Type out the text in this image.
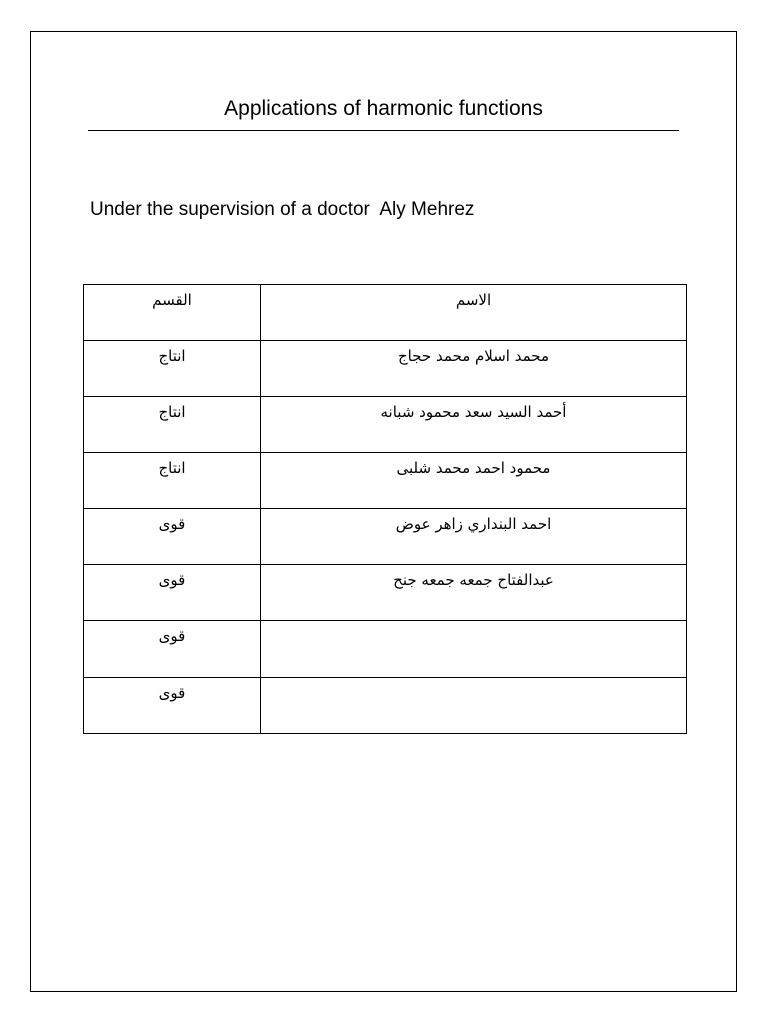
Applications of harmonic functions
Under the supervision of a doctor  Aly Mehrez
القسم	الاسم
انتاج	محمد اسلام محمد حجاج
انتاج	أحمد السيد سعد محمود شبانه
انتاج	محمود احمد محمد شلبى
قوى	احمد البنداري زاهر عوض
قوى	عبدالفتاح جمعه جمعه جنح
قوى	
قوى	
